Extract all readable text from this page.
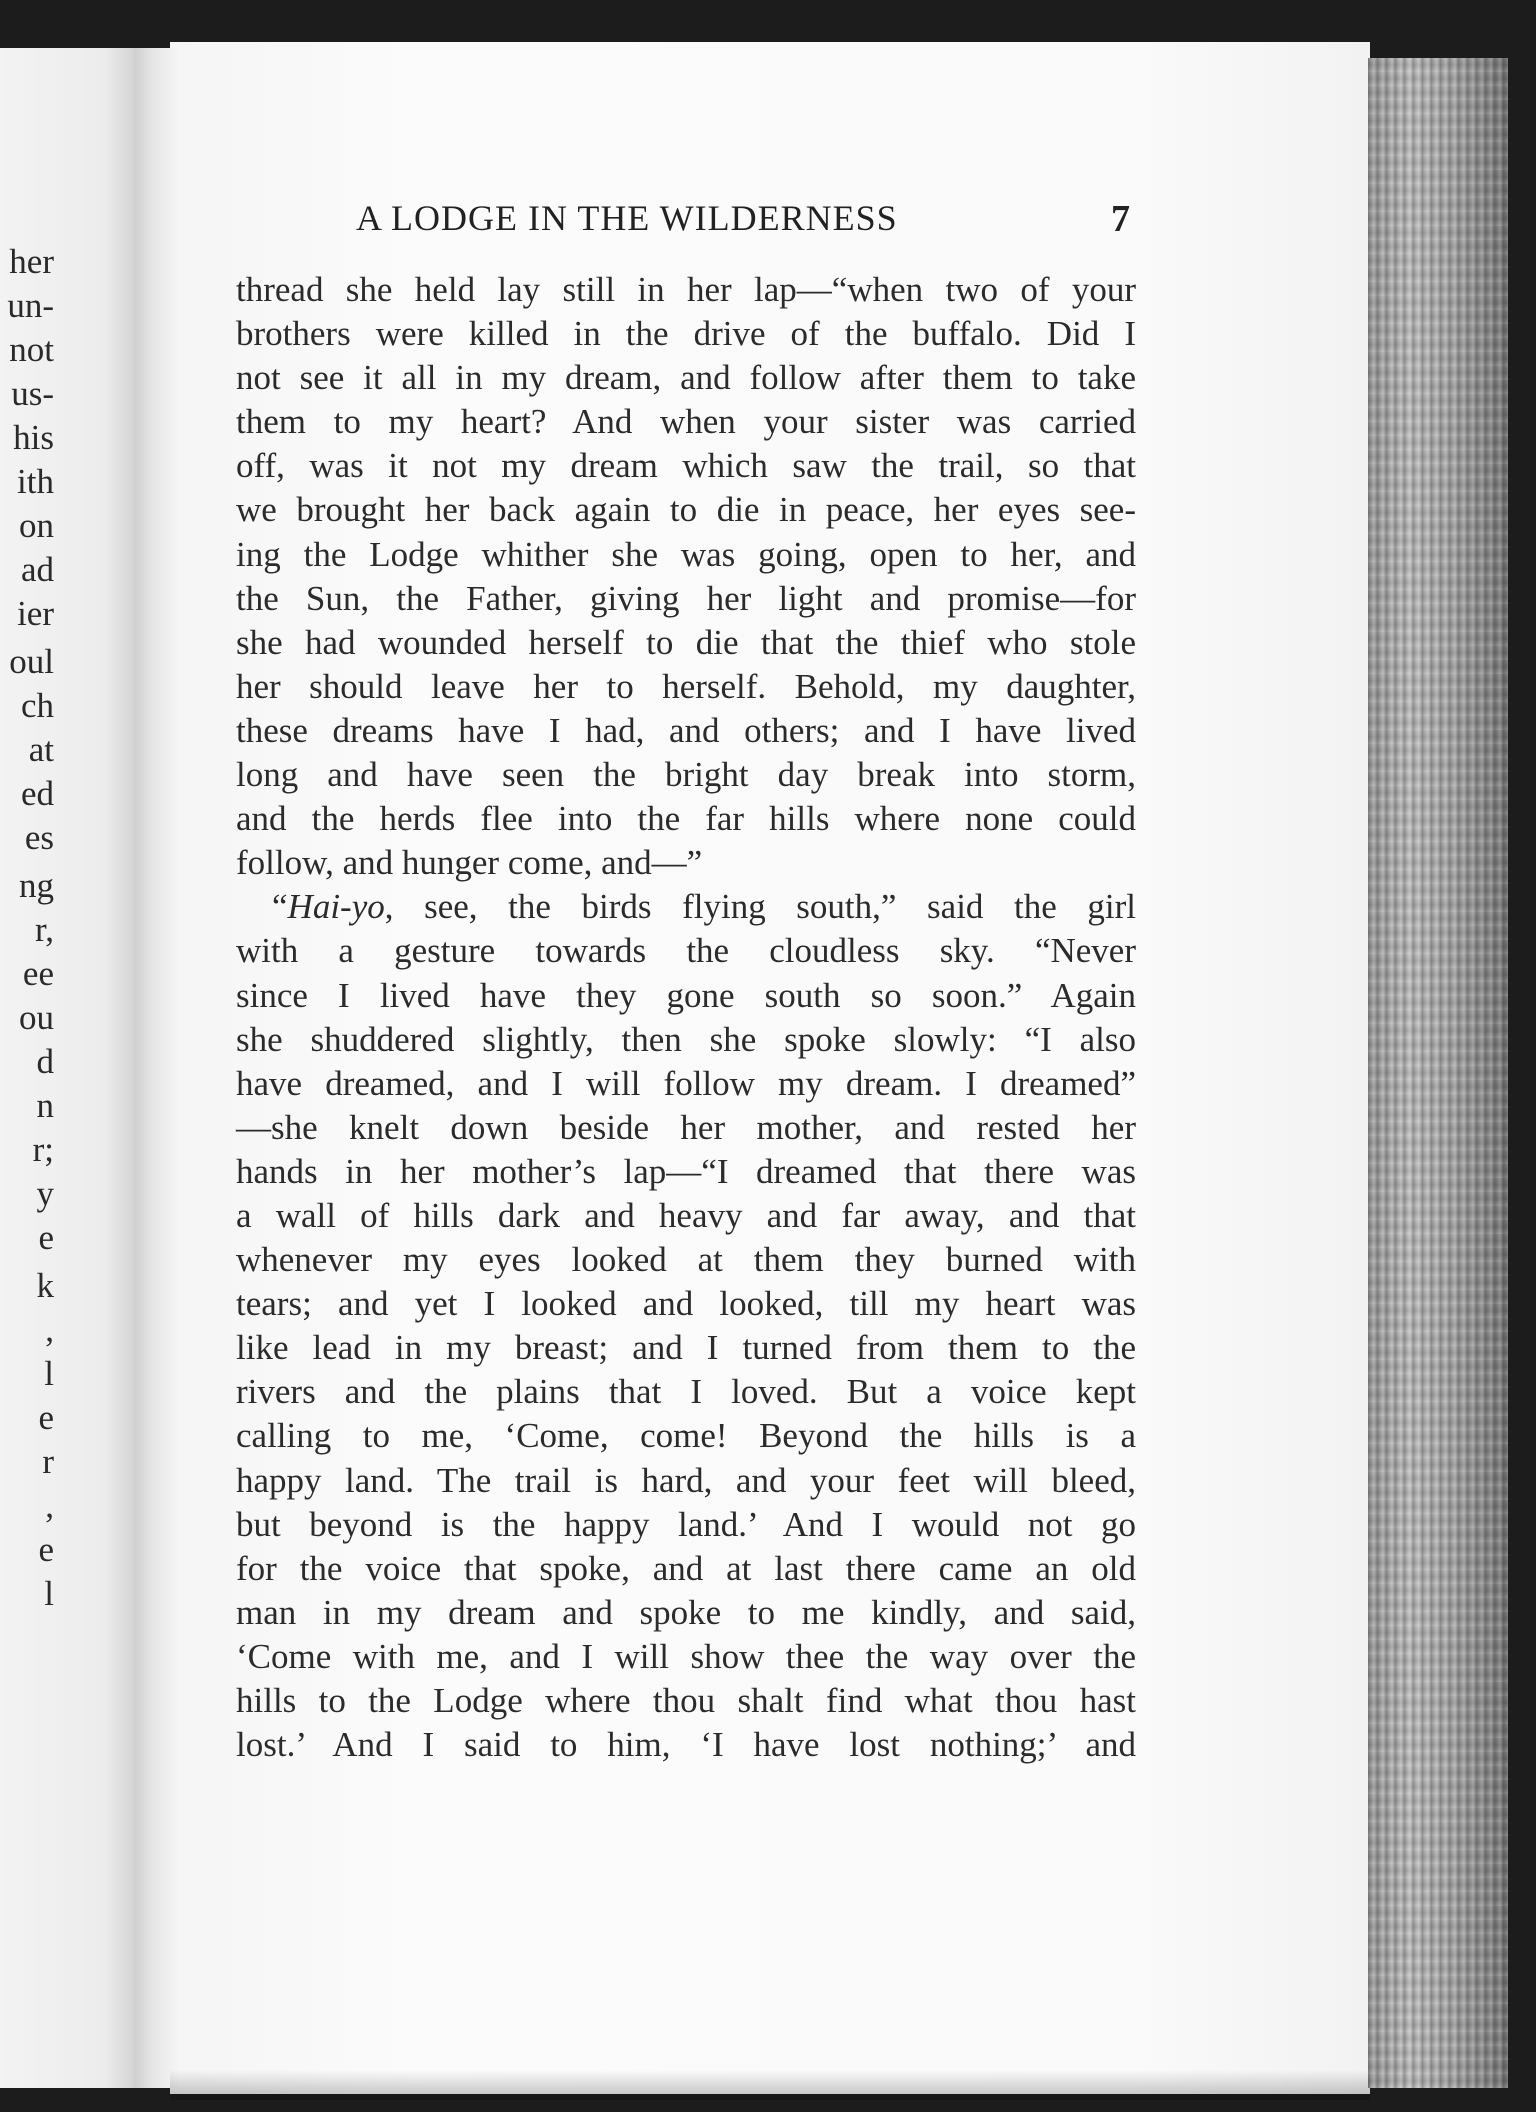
her
un-
not
us-
his
ith
on
ad
ier
oul
ch
at
ed
es
ng
r,
ee
ou
d
n
r;
y
e
k
,
l
e
r
,
e
l
A LODGE IN THE WILDERNESS	7
thread she held lay still in her lap—“when two of your
brothers were killed in the drive of the buffalo. Did I
not see it all in my dream, and follow after them to take
them to my heart? And when your sister was carried
off, was it not my dream which saw the trail, so that
we brought her back again to die in peace, her eyes see-
ing the Lodge whither she was going, open to her, and
the Sun, the Father, giving her light and promise—for
she had wounded herself to die that the thief who stole
her should leave her to herself. Behold, my daughter,
these dreams have I had, and others; and I have lived
long and have seen the bright day break into storm,
and the herds flee into the far hills where none could
follow, and hunger come, and—”
“Hai-yo, see, the birds flying south,” said the girl
with a gesture towards the cloudless sky. “Never
since I lived have they gone south so soon.” Again
she shuddered slightly, then she spoke slowly: “I also
have dreamed, and I will follow my dream. I dreamed”
—she knelt down beside her mother, and rested her
hands in her mother’s lap—“I dreamed that there was
a wall of hills dark and heavy and far away, and that
whenever my eyes looked at them they burned with
tears; and yet I looked and looked, till my heart was
like lead in my breast; and I turned from them to the
rivers and the plains that I loved. But a voice kept
calling to me, ‘Come, come! Beyond the hills is a
happy land. The trail is hard, and your feet will bleed,
but beyond is the happy land.’ And I would not go
for the voice that spoke, and at last there came an old
man in my dream and spoke to me kindly, and said,
‘Come with me, and I will show thee the way over the
hills to the Lodge where thou shalt find what thou hast
lost.’ And I said to him, ‘I have lost nothing;’ and
